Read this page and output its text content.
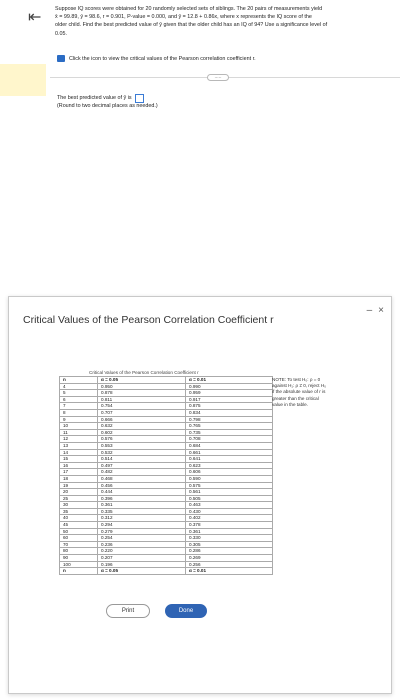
⇤	Suppose IQ scores were obtained for 20 randomly selected sets of siblings. The 20 pairs of measurements yield
x̄ = 99.89, ȳ = 98.6, r = 0.901, P-value = 0.000, and ŷ = 12.8 + 0.86x, where x represents the IQ score of the
older child. Find the best predicted value of ŷ given that the older child has an IQ of 94? Use a significance level of
0.05.
Click the icon to view the critical values of the Pearson correlation coefficient r.
.....
The best predicted value of ŷ is
(Round to two decimal places as needed.)
Critical Values of the Pearson Correlation Coefficient r
– ×
Critical Values of the Pearson Correlation Coefficient r
n	α = 0.05	α = 0.01
4	0.950	0.990
5	0.878	0.959
6	0.811	0.917
7	0.754	0.875
8	0.707	0.834
9	0.666	0.798
10	0.632	0.765
11	0.602	0.735
12	0.576	0.708
13	0.553	0.684
14	0.532	0.661
15	0.514	0.641
16	0.497	0.623
17	0.482	0.606
18	0.468	0.590
19	0.456	0.575
20	0.444	0.561
25	0.396	0.505
30	0.361	0.463
35	0.335	0.430
40	0.312	0.402
45	0.294	0.378
50	0.279	0.361
60	0.254	0.330
70	0.236	0.305
80	0.220	0.286
90	0.207	0.269
100	0.196	0.256
n	α = 0.05	α = 0.01
NOTE: To test H₀: ρ = 0
against H₁: ρ ≠ 0, reject H₀
if the absolute value of r is
greater than the critical
value in the table.
Print	Done
